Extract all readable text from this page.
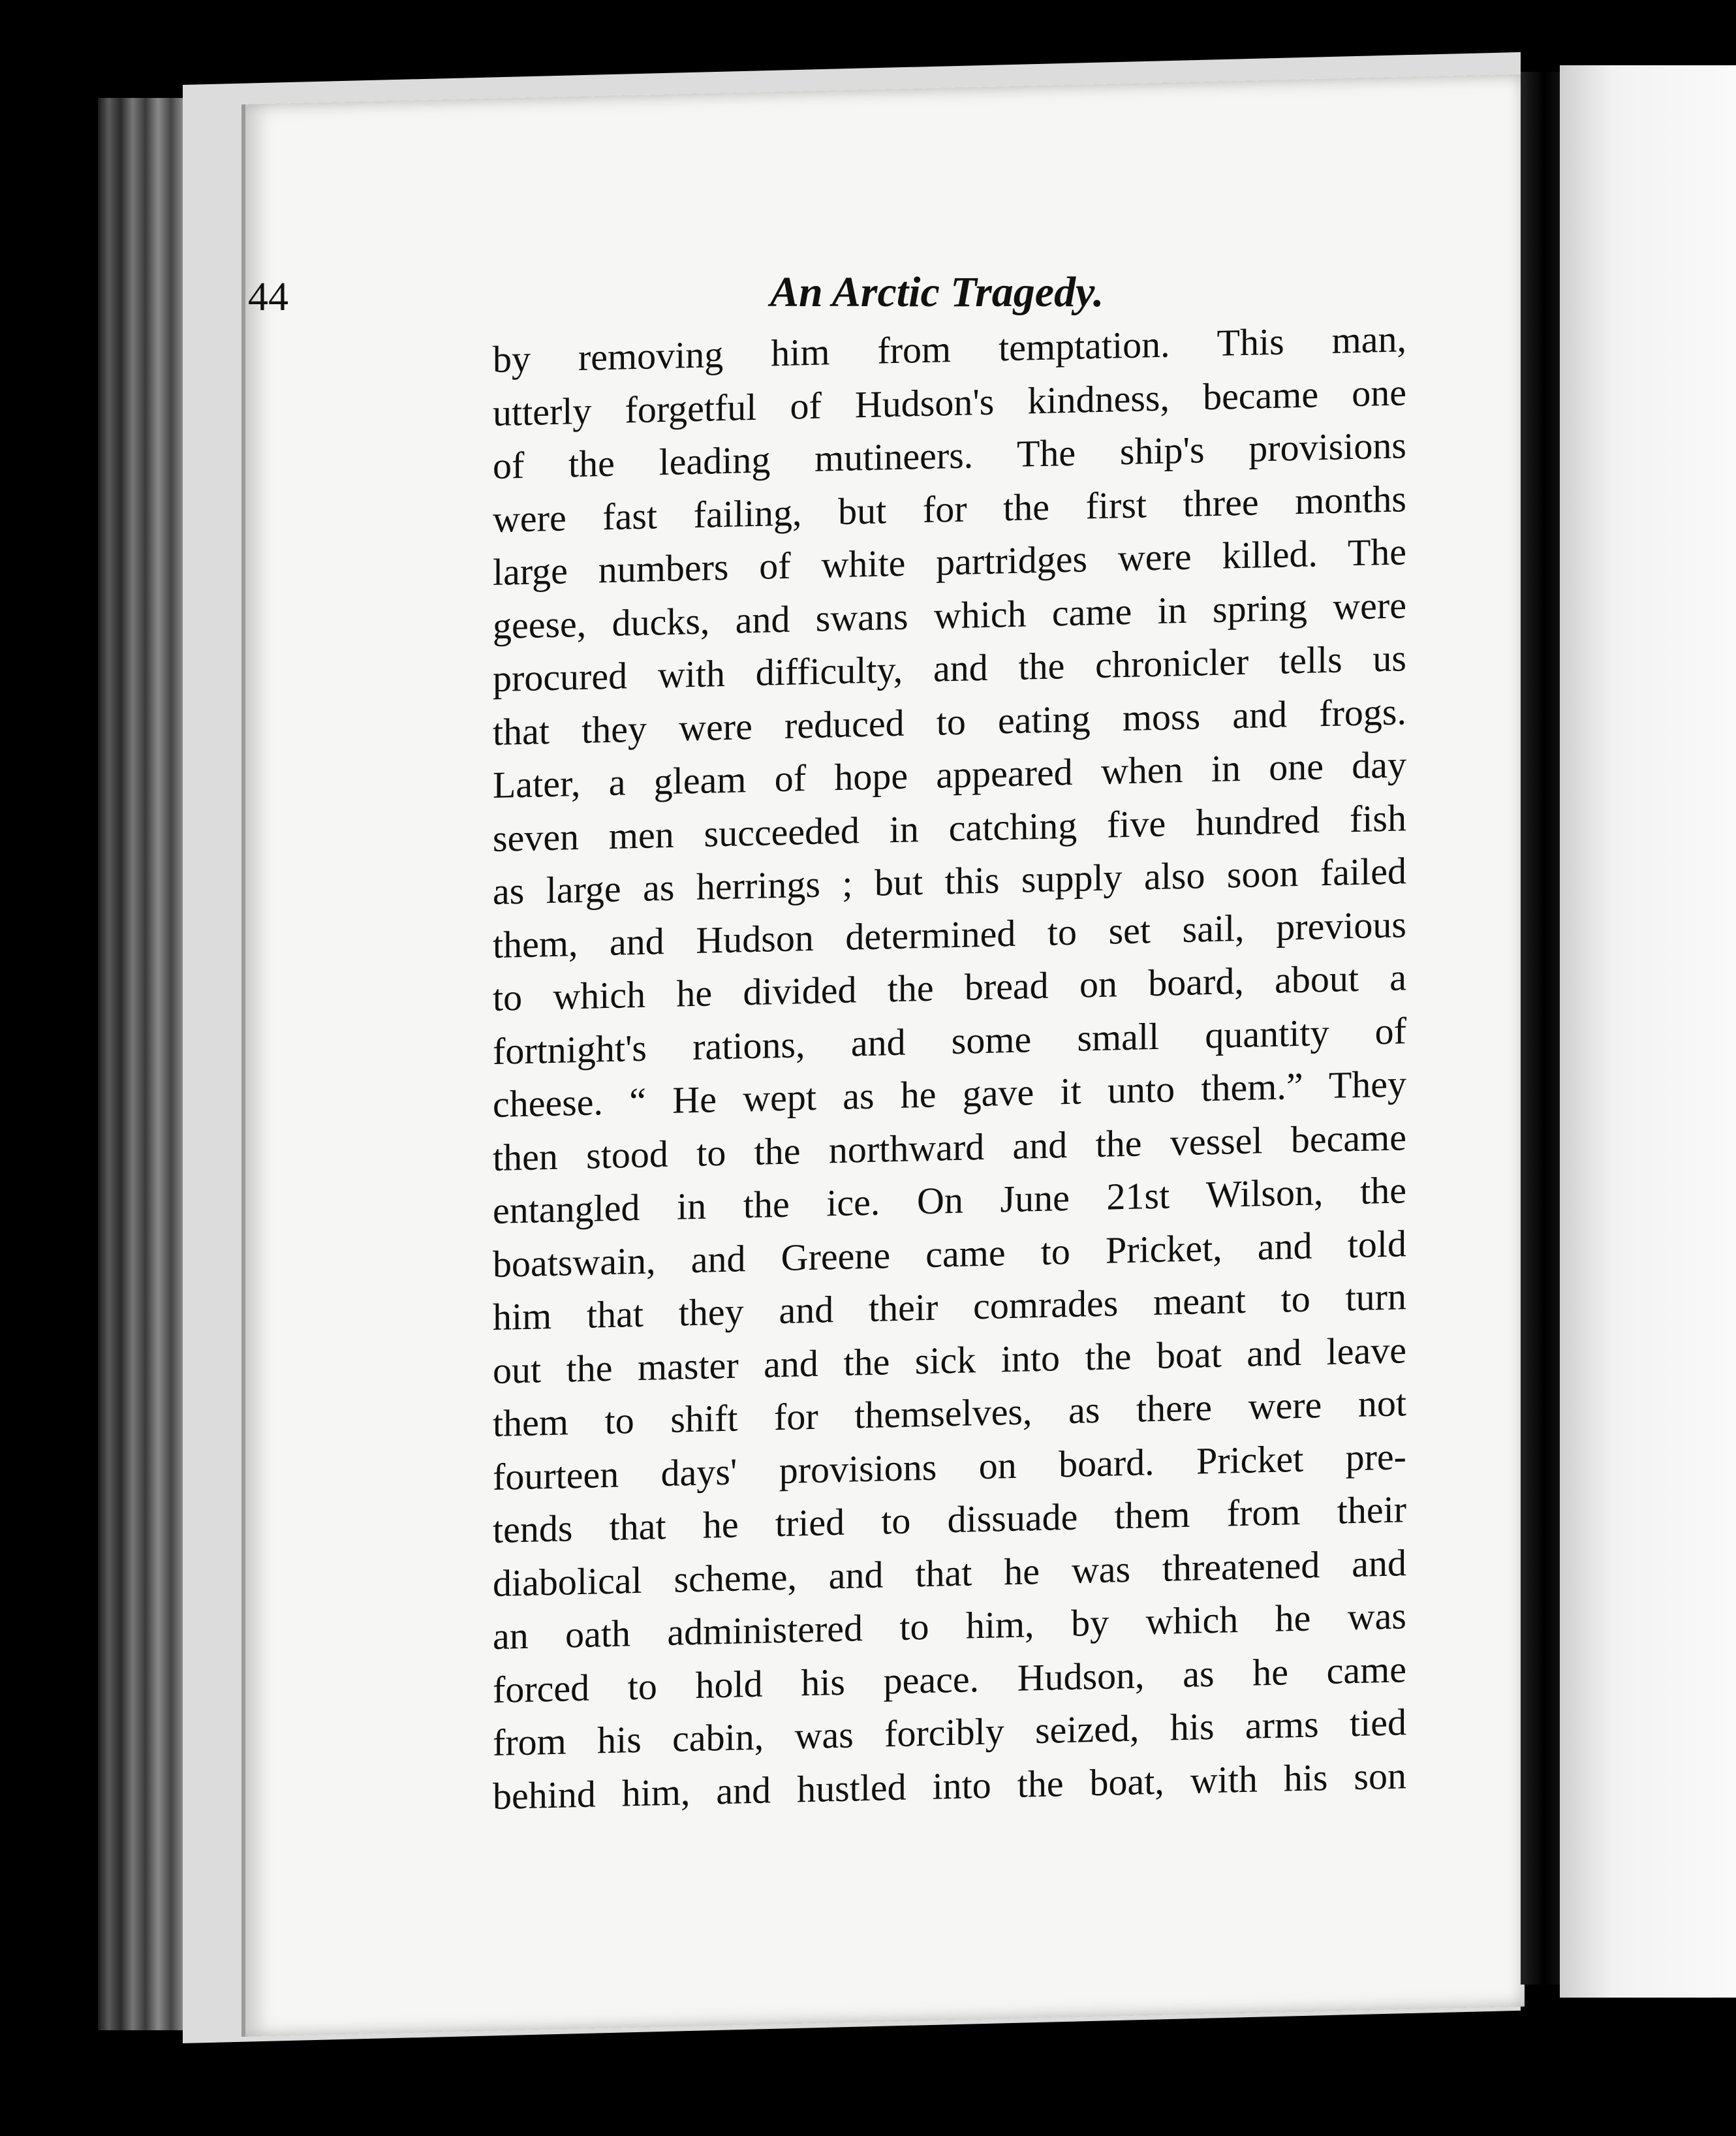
44	An Arctic Tragedy.
by removing him from temptation. This man,
utterly forgetful of Hudson's kindness, became one
of the leading mutineers. The ship's provisions
were fast failing, but for the first three months
large numbers of white partridges were killed. The
geese, ducks, and swans which came in spring were
procured with difficulty, and the chronicler tells us
that they were reduced to eating moss and frogs.
Later, a gleam of hope appeared when in one day
seven men succeeded in catching five hundred fish
as large as herrings ; but this supply also soon failed
them, and Hudson determined to set sail, previous
to which he divided the bread on board, about a
fortnight's rations, and some small quantity of
cheese. “ He wept as he gave it unto them.” They
then stood to the northward and the vessel became
entangled in the ice. On June 21st Wilson, the
boatswain, and Greene came to Pricket, and told
him that they and their comrades meant to turn
out the master and the sick into the boat and leave
them to shift for themselves, as there were not
fourteen days' provisions on board. Pricket pre-
tends that he tried to dissuade them from their
diabolical scheme, and that he was threatened and
an oath administered to him, by which he was
forced to hold his peace. Hudson, as he came
from his cabin, was forcibly seized, his arms tied
behind him, and hustled into the boat, with his son
